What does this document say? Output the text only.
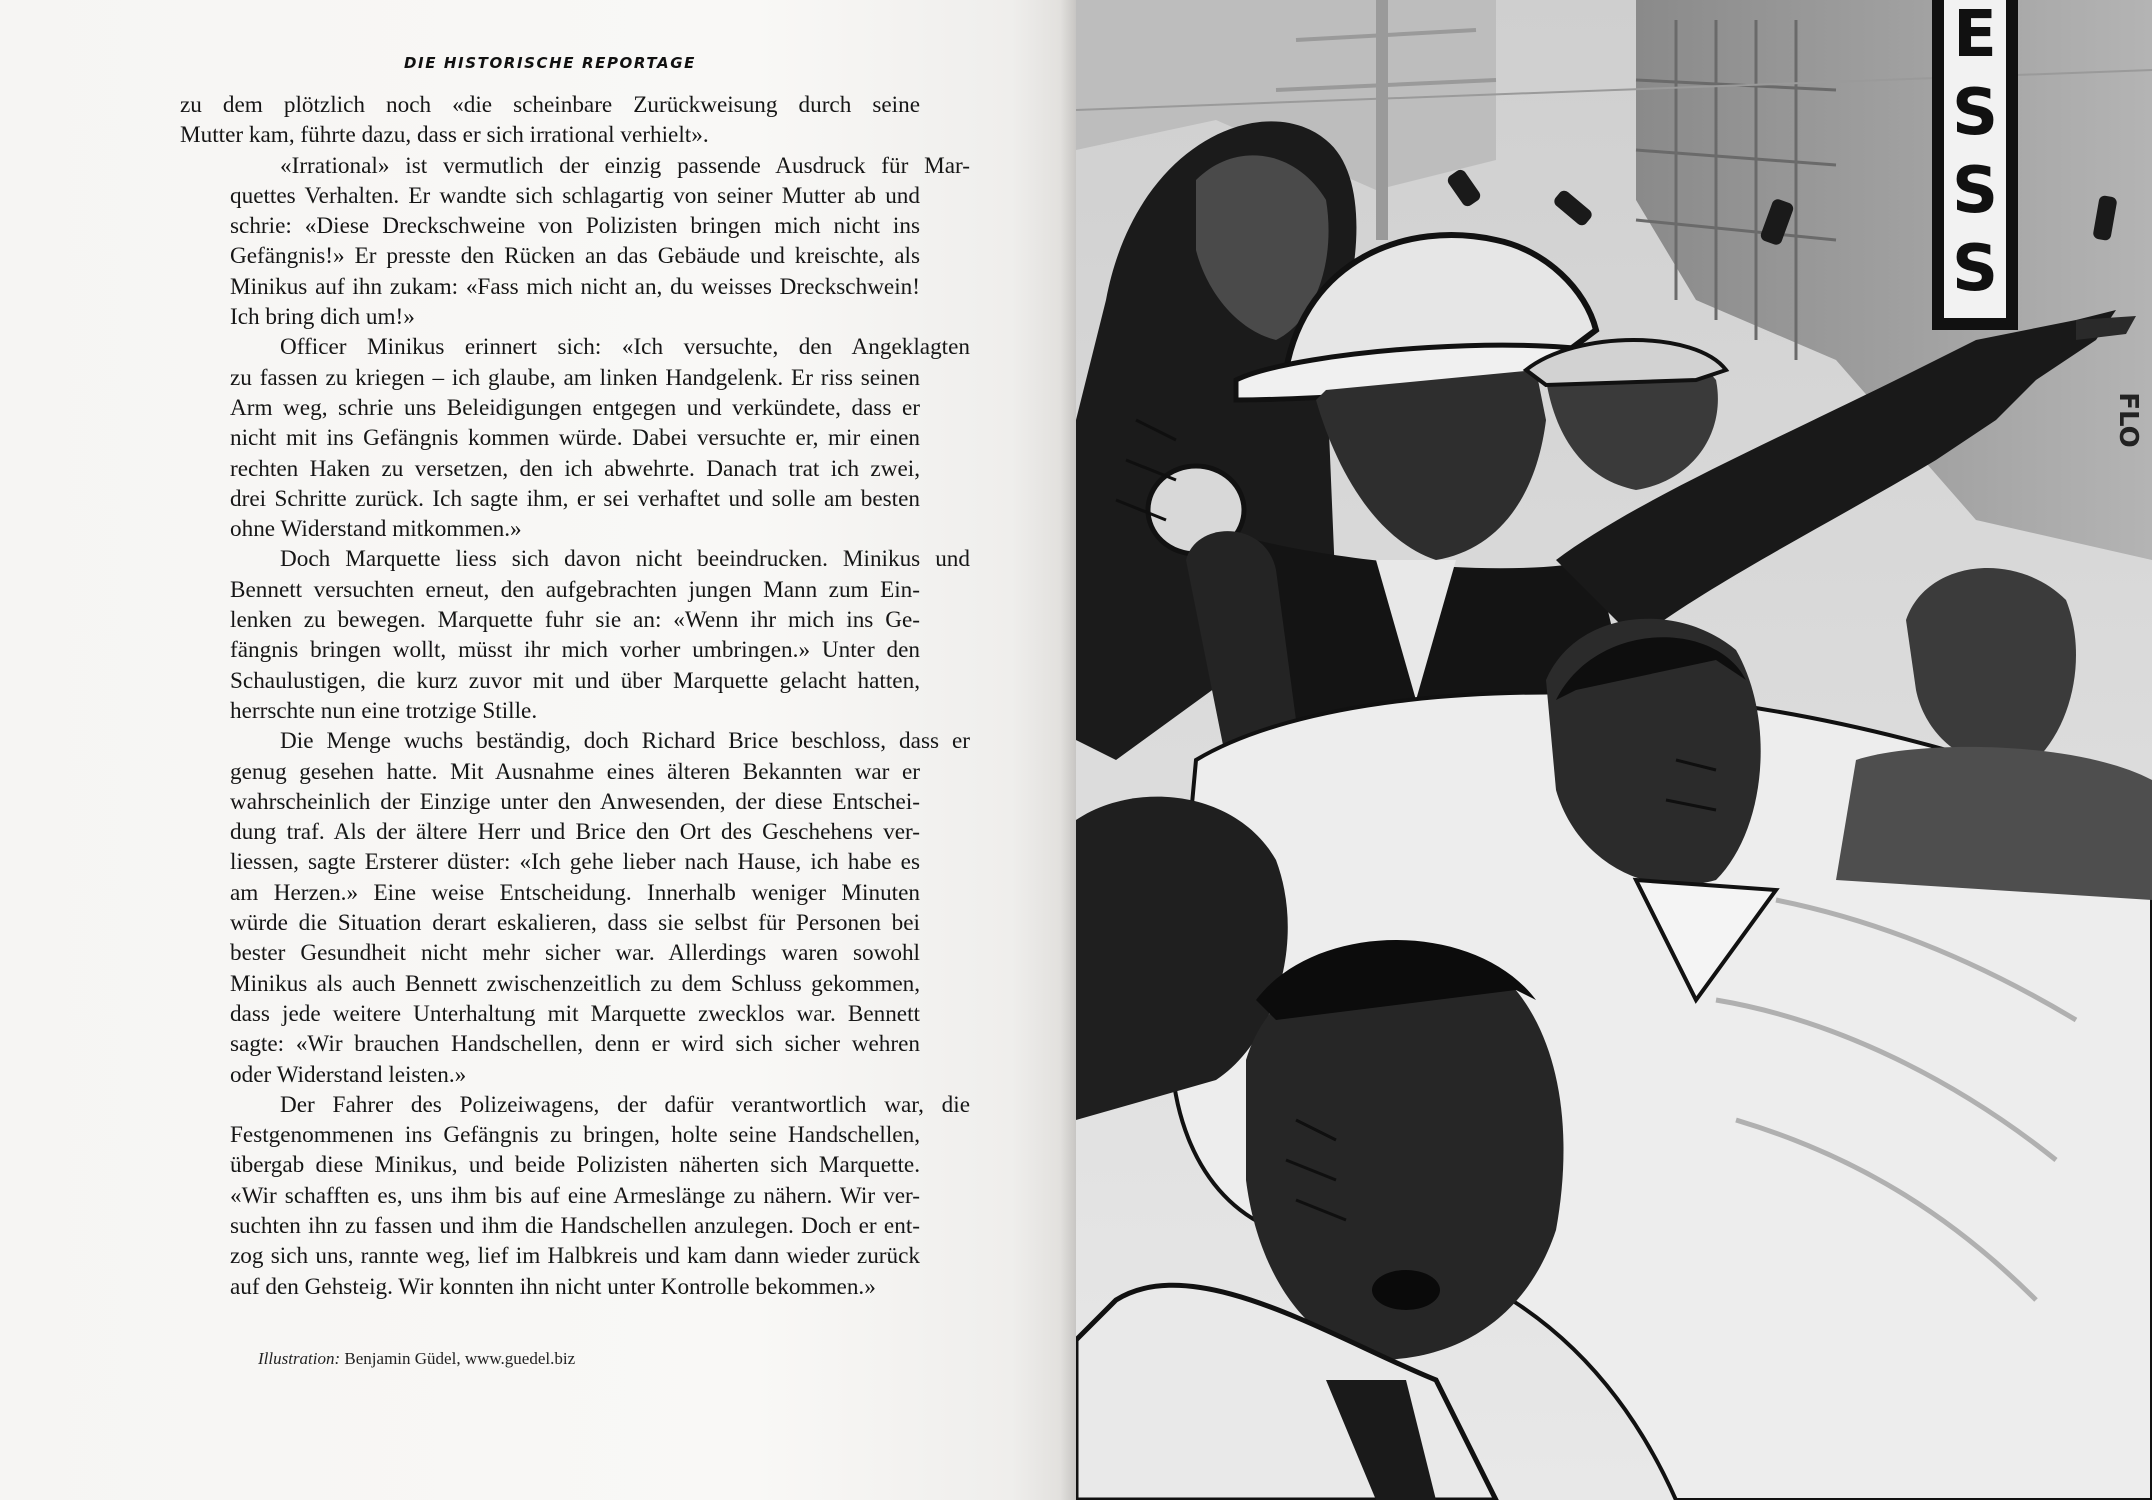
DIE HISTORISCHE REPORTAGE

zu dem plötzlich noch «die scheinbare Zurückweisung durch seine
Mutter kam, führte dazu, dass er sich irrational verhielt».

«Irrational» ist vermutlich der einzig passende Ausdruck für Mar-quettes Verhalten. Er wandte sich schlagartig von seiner Mutter ab undschrie: «Diese Dreckschweine von Polizisten bringen mich nicht insGefängnis!» Er presste den Rücken an das Gebäude und kreischte, alsMinikus auf ihn zukam: «Fass mich nicht an, du weisses Dreckschwein!
Ich bring dich um!»

Officer Minikus erinnert sich: «Ich versuchte, den Angeklagtenzu fassen zu kriegen – ich glaube, am linken Handgelenk. Er riss seinenArm weg, schrie uns Beleidigungen entgegen und verkündete, dass ernicht mit ins Gefängnis kommen würde. Dabei versuchte er, mir einenrechten Haken zu versetzen, den ich abwehrte. Danach trat ich zwei,drei Schritte zurück. Ich sagte ihm, er sei verhaftet und solle am besten
ohne Widerstand mitkommen.»

Doch Marquette liess sich davon nicht beeindrucken. Minikus undBennett versuchten erneut, den aufgebrachten jungen Mann zum Ein-lenken zu bewegen. Marquette fuhr sie an: «Wenn ihr mich ins Ge-fängnis bringen wollt, müsst ihr mich vorher umbringen.» Unter denSchaulustigen, die kurz zuvor mit und über Marquette gelacht hatten,
herrschte nun eine trotzige Stille.

Die Menge wuchs beständig, doch Richard Brice beschloss, dass ergenug gesehen hatte. Mit Ausnahme eines älteren Bekannten war erwahrscheinlich der Einzige unter den Anwesenden, der diese Entschei-dung traf. Als der ältere Herr und Brice den Ort des Geschehens ver-liessen, sagte Ersterer düster: «Ich gehe lieber nach Hause, ich habe esam Herzen.» Eine weise Entscheidung. Innerhalb weniger Minutenwürde die Situation derart eskalieren, dass sie selbst für Personen beibester Gesundheit nicht mehr sicher war. Allerdings waren sowohlMinikus als auch Bennett zwischenzeitlich zu dem Schluss gekommen,dass jede weitere Unterhaltung mit Marquette zwecklos war. Bennettsagte: «Wir brauchen Handschellen, denn er wird sich sicher wehren
oder Widerstand leisten.»

Der Fahrer des Polizeiwagens, der dafür verantwortlich war, dieFestgenommenen ins Gefängnis zu bringen, holte seine Handschellen,übergab diese Minikus, und beide Polizisten näherten sich Marquette.«Wir schafften es, uns ihm bis auf eine Armeslänge zu nähern. Wir ver-suchten ihn zu fassen und ihm die Handschellen anzulegen. Doch er ent-zog sich uns, rannte weg, lief im Halbkreis und kam dann wieder zurück
auf den Gehsteig. Wir konnten ihn nicht unter Kontrolle bekommen.»

Illustration: Benjamin Güdel, www.guedel.biz
E
S
S
S
FLO
